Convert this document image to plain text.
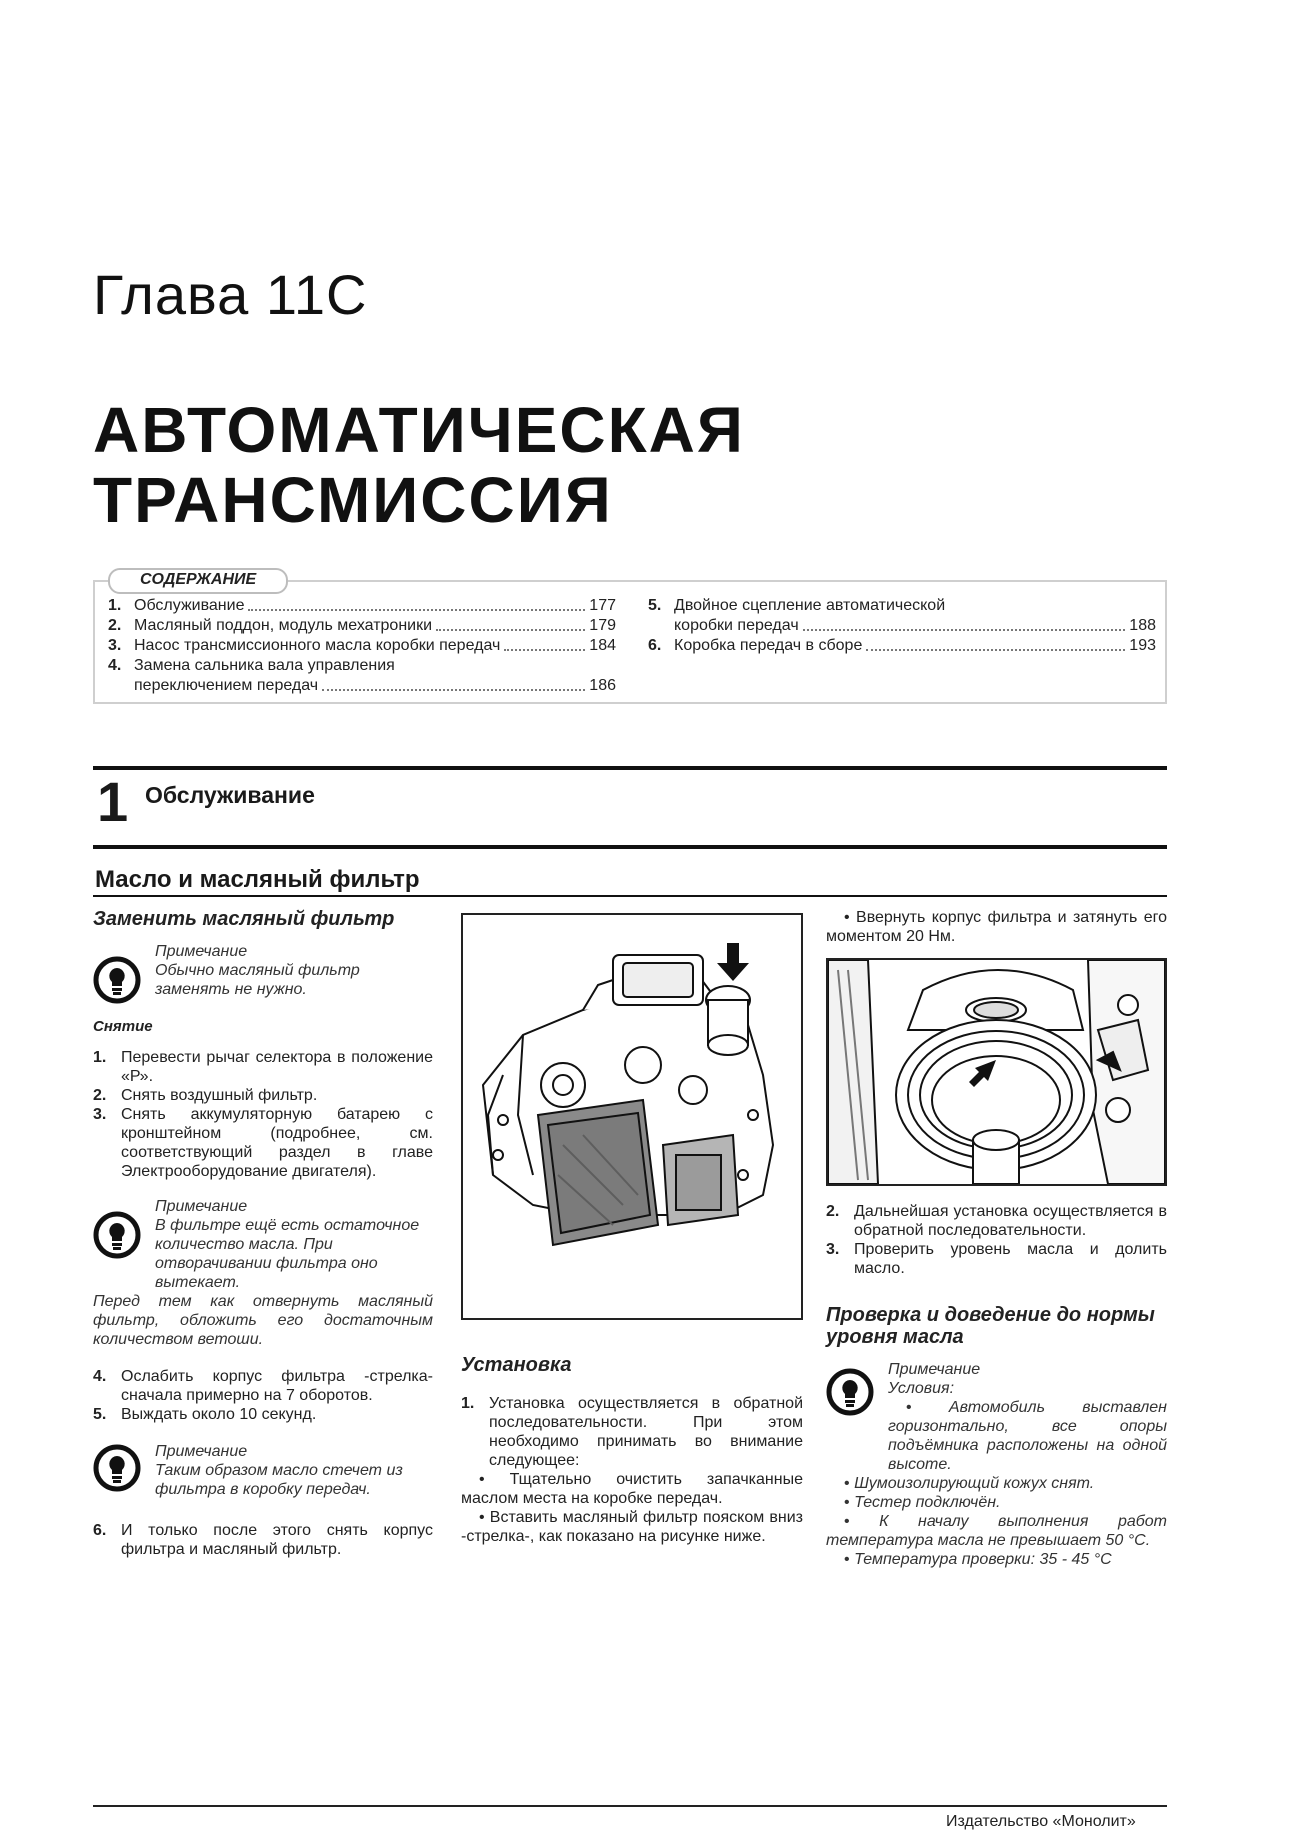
Глава 11С
АВТОМАТИЧЕСКАЯ
ТРАНСМИССИЯ
СОДЕРЖАНИЕ
1. Обслуживание	177
2. Масляный поддон, модуль мехатроники	179
3. Насос трансмиссионного масла коробки передач	184
4. Замена сальника вала управления
переключением передач	186
5. Двойное сцепление автоматической
коробки передач	188
6. Коробка передач в сборе	193
1 Обслуживание
Масло и масляный фильтр
Заменить масляный фильтр
Примечание
Обычно масляный фильтр заменять не нужно.
Снятие
1. Перевести рычаг селектора в положение «Р».
2. Снять воздушный фильтр.
3. Снять аккумуляторную батарею с кронштейном (подробнее, см. соответствующий раздел в главе Электрооборудование двигателя).
Примечание
В фильтре ещё есть остаточное количество масла. При отворачивании фильтра оно вытекает.
Перед тем как отвернуть масляный фильтр, обложить его достаточным количеством ветоши.
4. Ослабить корпус фильтра -стрелка- сначала примерно на 7 оборотов.
5. Выждать около 10 секунд.
Примечание
Таким образом масло стечет из фильтра в коробку передач.
6. И только после этого снять корпус фильтра и масляный фильтр.
Установка
1. Установка осуществляется в обратной последовательности. При этом необходимо принимать во внимание следующее:
• Тщательно очистить запачканные маслом места на коробке передач.
• Вставить масляный фильтр пояском вниз -стрелка-, как показано на рисунке ниже.
• Ввернуть корпус фильтра и затянуть его моментом 20 Нм.
2. Дальнейшая установка осуществляется в обратной последовательности.
3. Проверить уровень масла и долить масло.
Проверка и доведение до нормы уровня масла
Примечание
Условия:
• Автомобиль выставлен горизонтально, все опоры подъёмника расположены на одной высоте.
• Шумоизолирующий кожух снят.
• Тестер подключён.
• К началу выполнения работ температура масла не превышает 50 °С.
• Температура проверки: 35 - 45 °С
Издательство «Монолит»
